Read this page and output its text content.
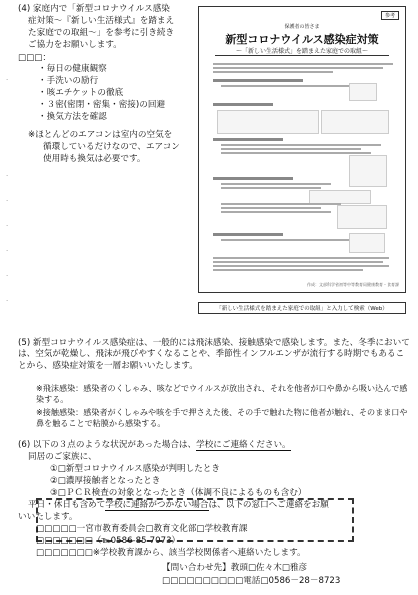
.
.
.
.
.
.
.
(4) 家庭内で「新型コロナウイルス感染
症対策～『新しい生活様式』を踏まえ
た家庭での取組～」を参考に引き続き
ご協力をお願いします。
□□□：
・毎日の健康観察
・手洗いの励行
・咳エチケットの徹底
・３密(密閉・密集・密接)の回避
・換気方法を確認
※ほとんどのエアコンは室内の空気を
循環しているだけなので、エアコン
使用時も換気は必要です。
参考
保護者の皆さま
新型コロナウイルス感染症対策
～「新しい生活様式」を踏まえた家庭での取組～
作成：文部科学省初等中等教育局健康教育・食育課
「新しい生活様式を踏まえた家庭での取組」と入力して検索（Web）
(5) 新型コロナウイルス感染症は、一般的には飛沫感染、接触感染で感染します。また、冬季においては、空気が乾燥し、飛沫が飛びやすくなることや、季節性インフルエンザが流行する時期でもあることから、感染症対策を一層お願いいたします。
※飛沫感染：感染者のくしゃみ、咳などでウイルスが放出され、それを他者が口や鼻から吸い込んで感染する。
※接触感染：感染者がくしゃみや咳を手で押さえた後、その手で触れた物に他者が触れ、そのまま口や鼻を触ることで粘膜から感染する。
(6) 以下の３点のような状況があった場合は、学校にご連絡ください。
同居のご家族に、
①□新型コロナウイルス感染が判明したとき
②□濃厚接触者となったとき
③□ＰＣＲ検査の対象となったとき（体調不良によるものも含む）
平日・休日も含めて学校に連絡がつかない場合は、以下の窓口へご連絡をお願
いいたします。
□□□□□一宮市教育委員会□教育文化部□学校教育課
□□□□□□□（℡0586-85-7073）
□□□□□□□※学校教育課から、該当学校関係者へ連絡いたします。
【問い合わせ先】教頭□佐々木□雅彦
□□□□□□□□□□電話□0586－28－8723
